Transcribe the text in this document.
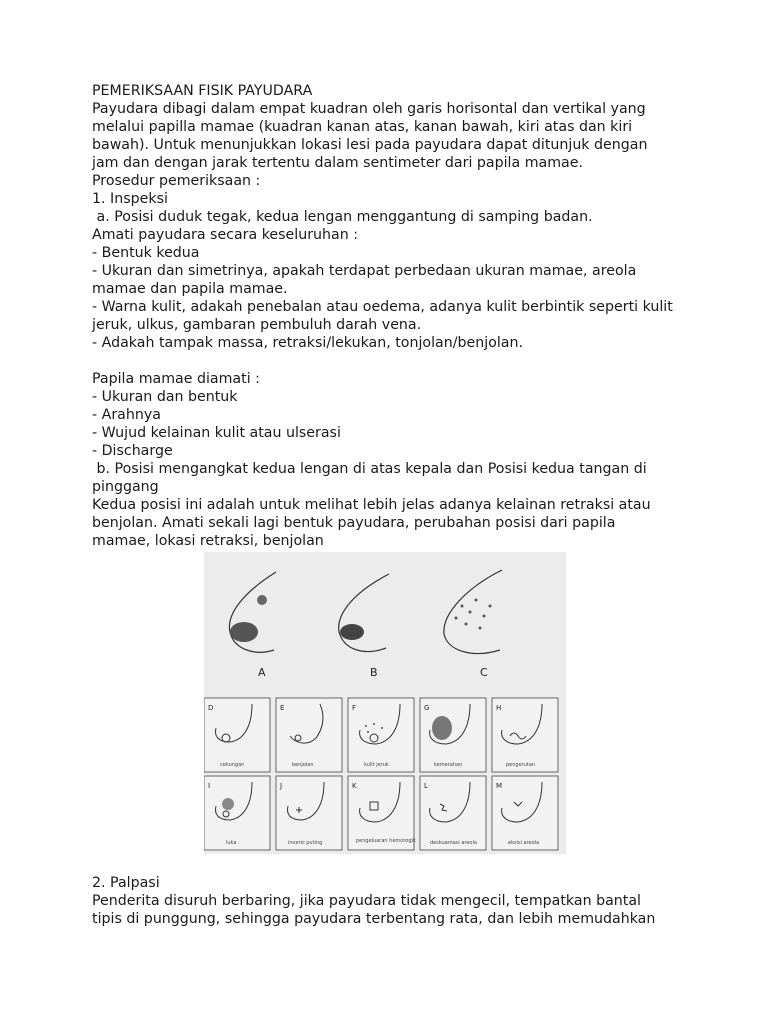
PEMERIKSAAN FISIK PAYUDARA

Payudara dibagi dalam empat kuadran oleh garis horisontal dan vertikal yang

melalui papilla mamae (kuadran kanan atas, kanan bawah, kiri atas dan kiri

bawah). Untuk menunjukkan lokasi lesi pada payudara dapat ditunjuk dengan

jam dan dengan jarak tertentu dalam sentimeter dari papila mamae.

Prosedur pemeriksaan :

1. Inspeksi

a. Posisi duduk tegak, kedua lengan menggantung di samping badan.

Amati payudara secara keseluruhan :

- Bentuk kedua

- Ukuran dan simetrinya, apakah terdapat perbedaan ukuran mamae, areola

mamae dan papila mamae.

- Warna kulit, adakah penebalan atau oedema, adanya kulit berbintik seperti kulit

jeruk, ulkus, gambaran pembuluh darah vena.

- Adakah tampak massa, retraksi/lekukan, tonjolan/benjolan.

Papila mamae diamati :

- Ukuran dan bentuk

- Arahnya

- Wujud kelainan kulit atau ulserasi

- Discharge

b. Posisi mengangkat kedua lengan di atas kepala dan Posisi kedua tangan di

pinggang

Kedua posisi ini adalah untuk melihat lebih jelas adanya kelainan retraksi atau

benjolan. Amati sekali lagi bentuk payudara, perubahan posisi dari papila

mamae, lokasi retraksi, benjolan

A	B	C
D
cekungan
E
benjolan
F
kulit jeruk
G
kemerahan
H
pengerutan
I
luka
J
inversi puting
K
pengeluaran hemorogik
L
deskuamasi areola
M
eksisi areola

2. Palpasi

Penderita disuruh berbaring, jika payudara tidak mengecil, tempatkan bantal

tipis di punggung, sehingga payudara terbentang rata, dan lebih memudahkan
